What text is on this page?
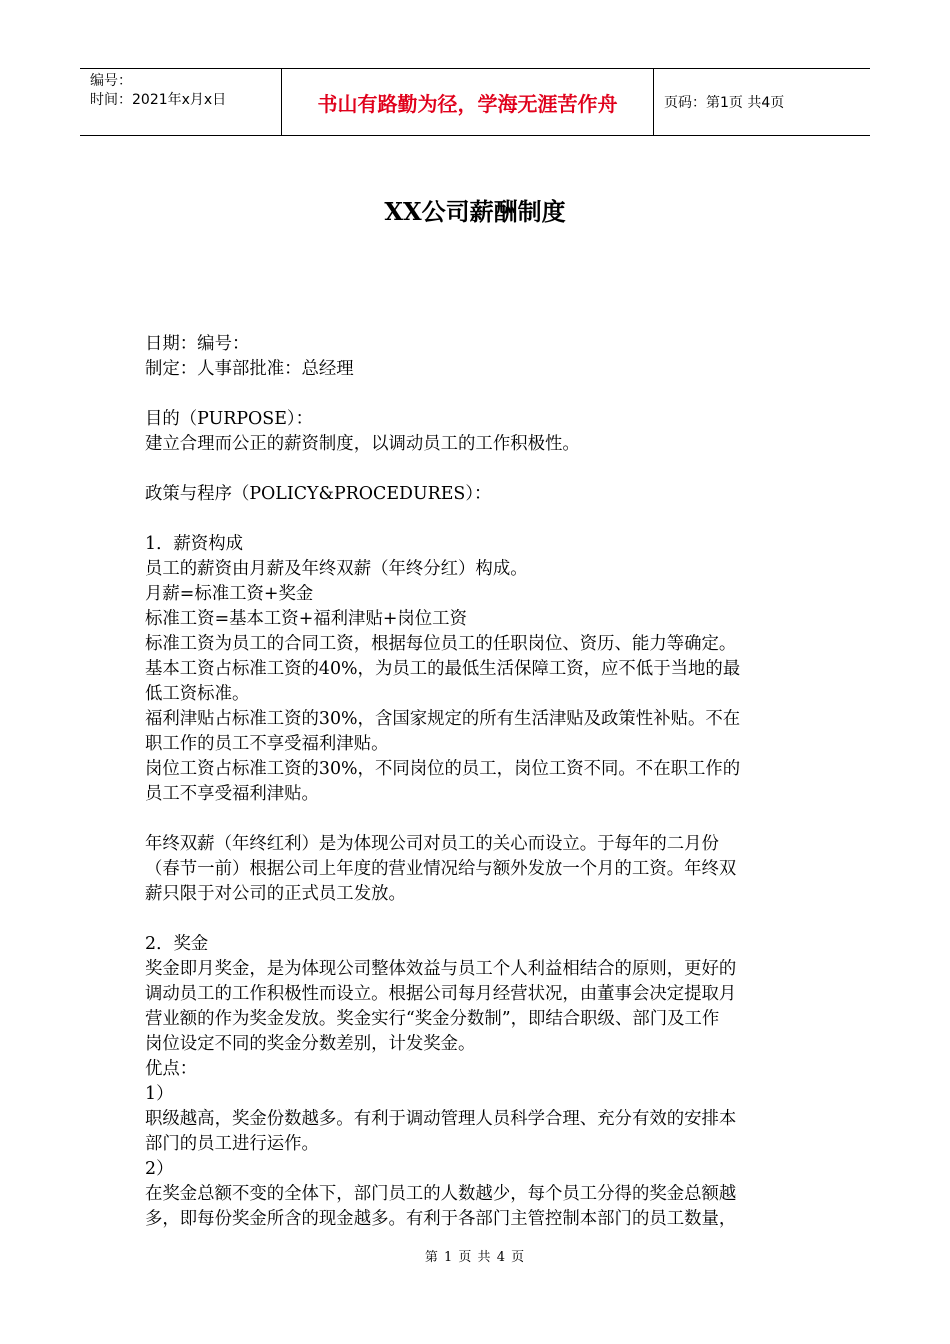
编号：
时间：2021年x月x日	书山有路勤为径，学海无涯苦作舟	页码：第1页 共4页
XX公司薪酬制度

日期：编号：

制定：人事部批准：总经理

目的（PURPOSE）：

建立合理而公正的薪资制度，以调动员工的工作积极性。

政策与程序（POLICY&PROCEDURES）：

1．薪资构成

员工的薪资由月薪及年终双薪（年终分红）构成。

月薪=标准工资+奖金

标准工资=基本工资+福利津贴+岗位工资

标准工资为员工的合同工资，根据每位员工的任职岗位、资历、能力等确定。

基本工资占标准工资的40%，为员工的最低生活保障工资，应不低于当地的最

低工资标准。

福利津贴占标准工资的30%，含国家规定的所有生活津贴及政策性补贴。不在

职工作的员工不享受福利津贴。

岗位工资占标准工资的30%，不同岗位的员工，岗位工资不同。不在职工作的

员工不享受福利津贴。

年终双薪（年终红利）是为体现公司对员工的关心而设立。于每年的二月份

（春节一前）根据公司上年度的营业情况给与额外发放一个月的工资。年终双

薪只限于对公司的正式员工发放。

2．奖金

奖金即月奖金，是为体现公司整体效益与员工个人利益相结合的原则，更好的

调动员工的工作积极性而设立。根据公司每月经营状况，由董事会决定提取月

营业额的作为奖金发放。奖金实行“奖金分数制”，即结合职级、部门及工作

岗位设定不同的奖金分数差别，计发奖金。

优点：

1）

职级越高，奖金份数越多。有利于调动管理人员科学合理、充分有效的安排本

部门的员工进行运作。

2）

在奖金总额不变的全体下，部门员工的人数越少，每个员工分得的奖金总额越

多，即每份奖金所含的现金越多。有利于各部门主管控制本部门的员工数量，

第 1 页 共 4 页
